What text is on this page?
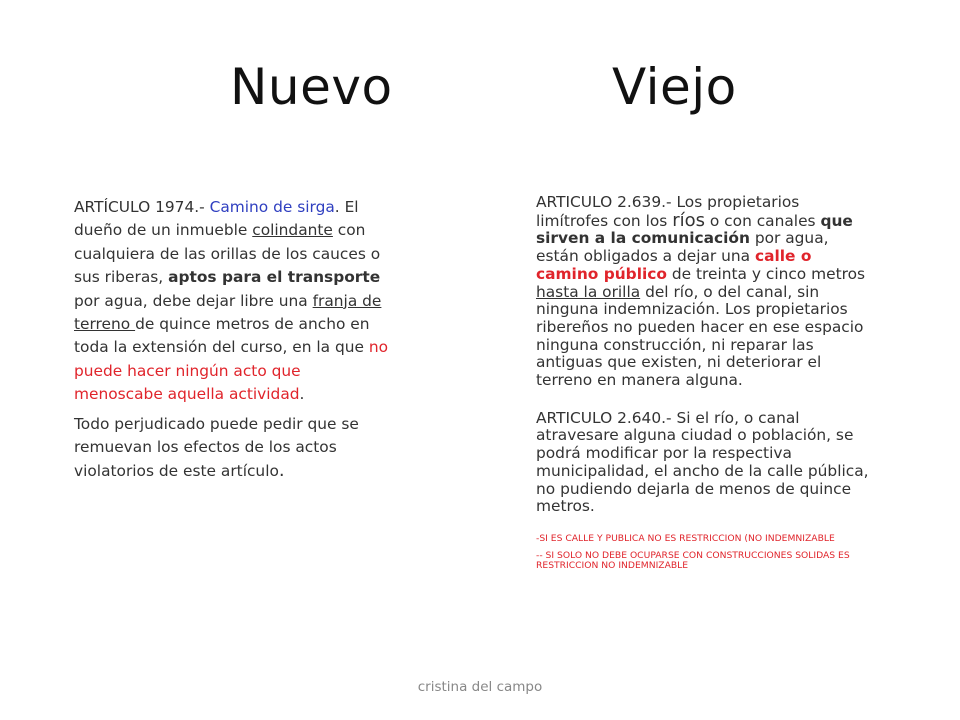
Nuevo	Viejo

ARTÍCULO 1974.- Camino de sirga. El dueño de un inmueble colindante con cualquiera de las orillas de los cauces o sus riberas, aptos para el transporte por agua, debe dejar libre una franja de terreno de quince metros de ancho en toda la extensión del curso, en la que no puede hacer ningún acto que menoscabe aquella actividad.

Todo perjudicado puede pedir que se remuevan los efectos de los actos violatorios de este artículo.

ARTICULO 2.639.- Los propietarios limítrofes con los ríos o con canales que sirven a la comunicación por agua, están obligados a dejar una calle o camino público de treinta y cinco metros hasta la orilla del río, o del canal, sin ninguna indemnización. Los propietarios ribereños no pueden hacer en ese espacio ninguna construcción, ni reparar las antiguas que existen, ni deteriorar el terreno en manera alguna.

ARTICULO 2.640.- Si el río, o canal atravesare alguna ciudad o población, se podrá modificar por la respectiva municipalidad, el ancho de la calle pública, no pudiendo dejarla de menos de quince metros.

-SI ES CALLE Y PUBLICA NO ES RESTRICCION (NO INDEMNIZABLE

-- SI SOLO NO DEBE OCUPARSE CON CONSTRUCCIONES SOLIDAS ES RESTRICCION NO INDEMNIZABLE

cristina del campo
